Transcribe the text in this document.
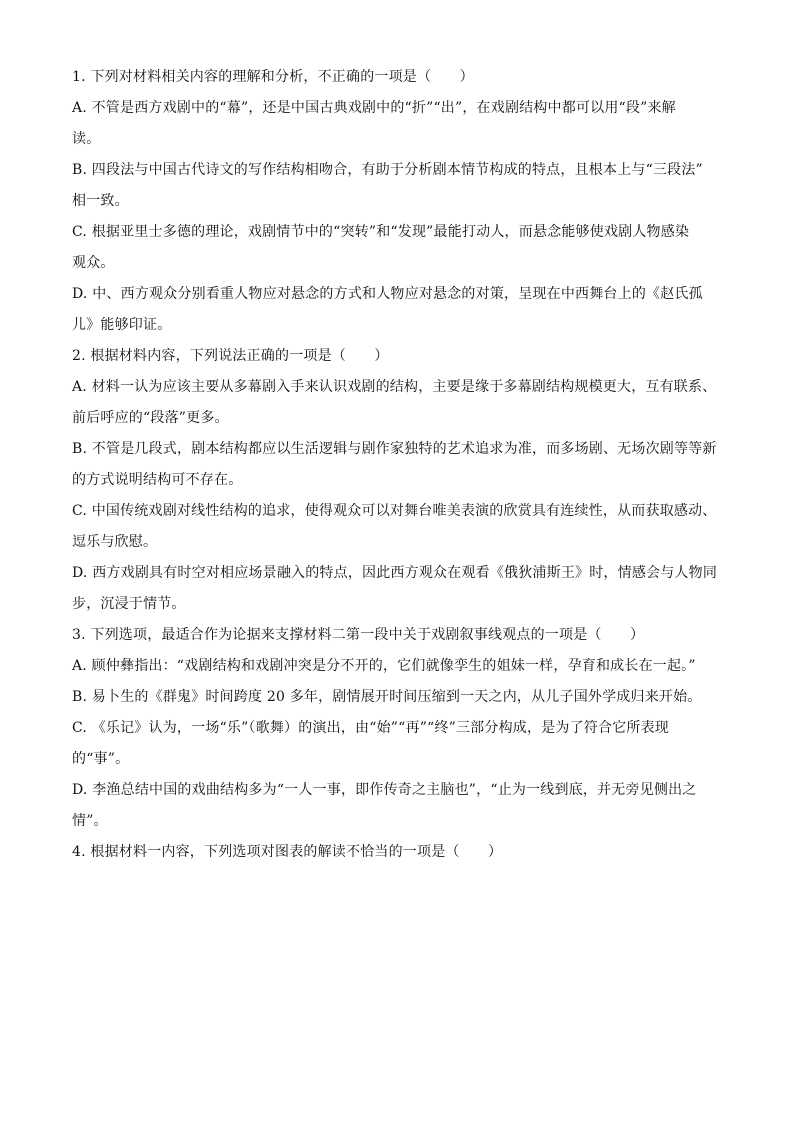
1. 下列对材料相关内容的理解和分析，不正确的一项是（　　）
A. 不管是西方戏剧中的“幕”，还是中国古典戏剧中的“折”“出”，在戏剧结构中都可以用“段”来解
读。
B. 四段法与中国古代诗文的写作结构相吻合，有助于分析剧本情节构成的特点，且根本上与“三段法”
相一致。
C. 根据亚里士多德的理论，戏剧情节中的“突转”和“发现”最能打动人，而悬念能够使戏剧人物感染
观众。
D. 中、西方观众分别看重人物应对悬念的方式和人物应对悬念的对策，呈现在中西舞台上的《赵氏孤
儿》能够印证。
2. 根据材料内容，下列说法正确的一项是（　　）
A. 材料一认为应该主要从多幕剧入手来认识戏剧的结构，主要是缘于多幕剧结构规模更大，互有联系、
前后呼应的“段落”更多。
B. 不管是几段式，剧本结构都应以生活逻辑与剧作家独特的艺术追求为准，而多场剧、无场次剧等等新
的方式说明结构可不存在。
C. 中国传统戏剧对线性结构的追求，使得观众可以对舞台唯美表演的欣赏具有连续性，从而获取感动、
逗乐与欣慰。
D. 西方戏剧具有时空对相应场景融入的特点，因此西方观众在观看《俄狄浦斯王》时，情感会与人物同
步，沉浸于情节。
3. 下列选项，最适合作为论据来支撑材料二第一段中关于戏剧叙事线观点的一项是（　　）
A. 顾仲彝指出：“戏剧结构和戏剧冲突是分不开的，它们就像孪生的姐妹一样，孕育和成长在一起。”
B. 易卜生的《群鬼》时间跨度 20 多年，剧情展开时间压缩到一天之内，从儿子国外学成归来开始。
C. 《乐记》认为，一场“乐”（歌舞）的演出，由“始”“再”“终”三部分构成，是为了符合它所表现
的“事”。
D. 李渔总结中国的戏曲结构多为“一人一事，即作传奇之主脑也”，“止为一线到底，并无旁见侧出之
情”。
4. 根据材料一内容，下列选项对图表的解读不恰当的一项是（　　）
